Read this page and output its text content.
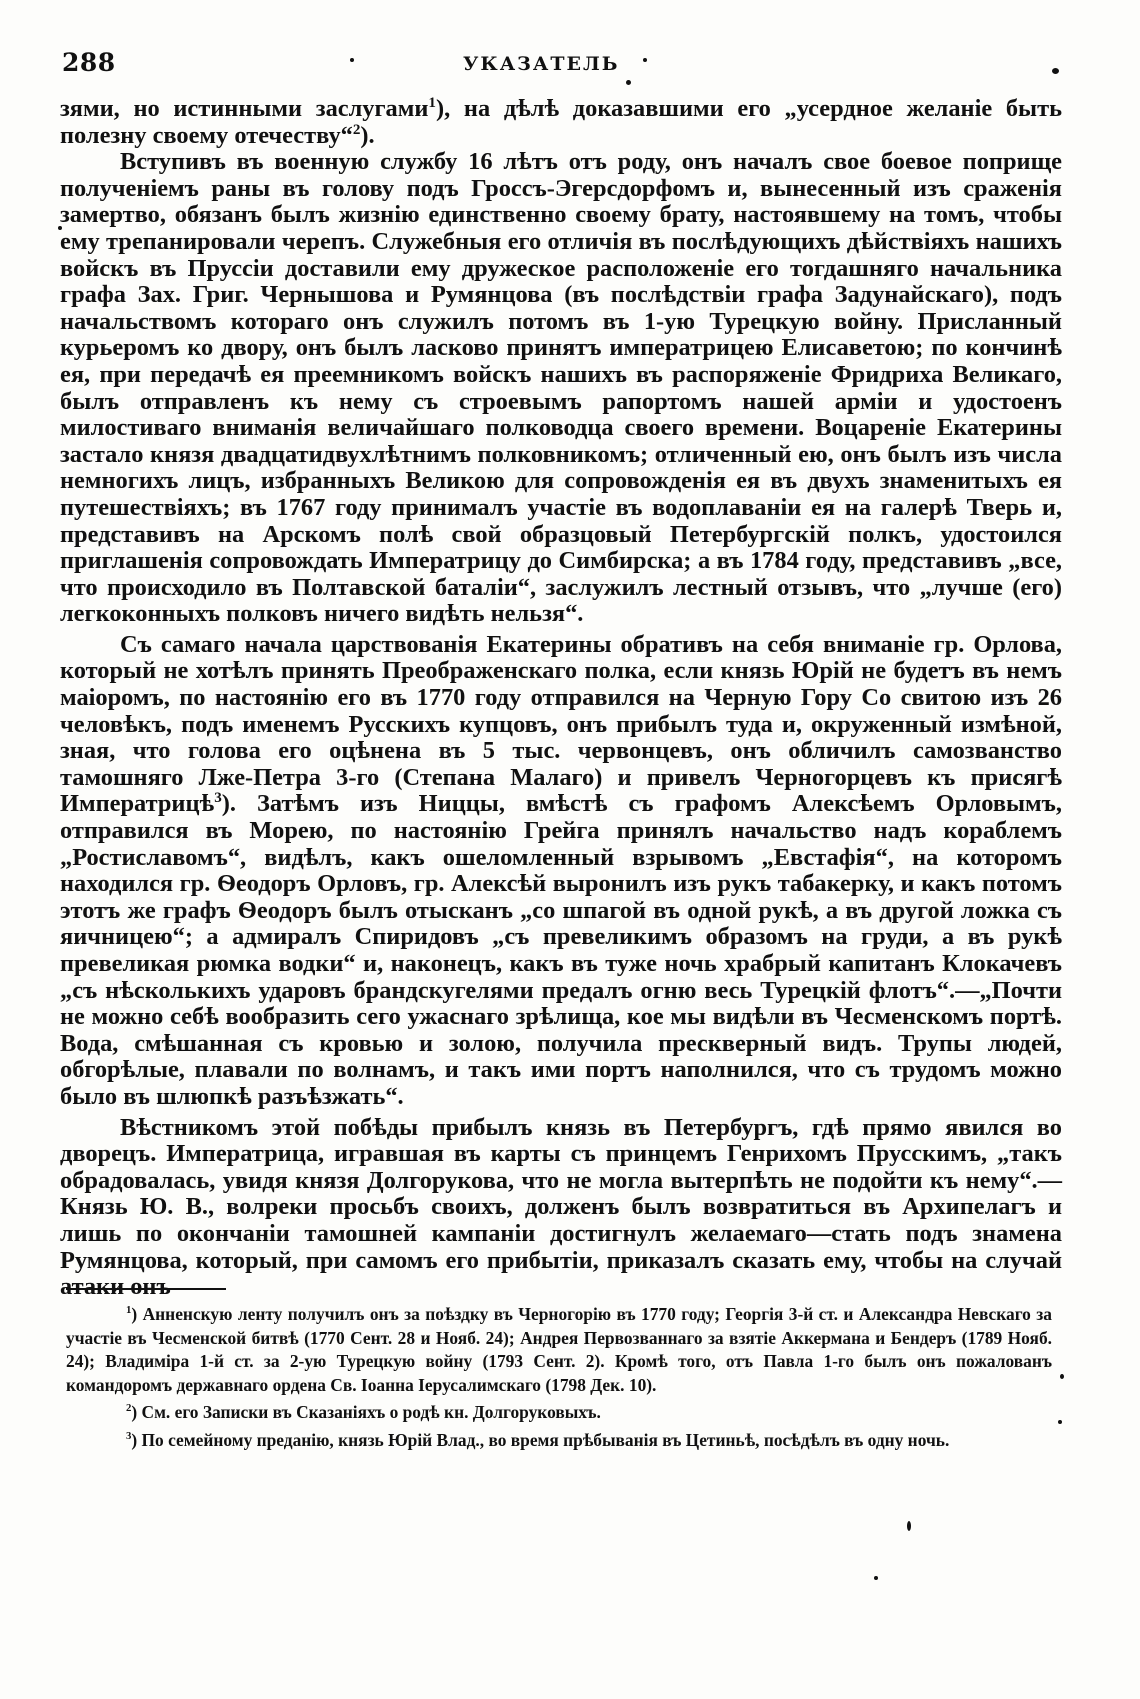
288	УКАЗАТЕЛЬ

зями, но истинными заслугами$^1$), на дѣлѣ доказавшими его „усердное желаніе быть полезну своему отечеству“$^2$).

Вступивъ въ военную службу 16 лѣтъ отъ роду, онъ началъ свое боевое поприще полученіемъ раны въ голову подъ Гроссъ-Эгерсдорфомъ и, вынесенный изъ сраженія замертво, обязанъ былъ жизнію единственно своему брату, настоявшему на томъ, чтобы ему трепанировали черепъ. Служебныя его отличія въ послѣдующихъ дѣйствіяхъ нашихъ войскъ въ Пруссіи доставили ему дружеское расположеніе его тогдашняго начальника графа Зах. Григ. Чернышова и Румянцова (въ послѣдствіи графа Задунайскаго), подъ начальствомъ котораго онъ служилъ потомъ въ 1-ую Турецкую войну. Присланный курьеромъ ко двору, онъ былъ ласково принятъ императрицею Елисаветою; по кончинѣ ея, при передачѣ ея преемникомъ войскъ нашихъ въ распоряженіе Фридриха Великаго, былъ отправленъ къ нему съ строевымъ рапортомъ нашей арміи и удостоенъ милостиваго вниманія величайшаго полководца своего времени. Воцареніе Екатерины застало князя двадцатидвухлѣтнимъ полковникомъ; отличенный ею, онъ былъ изъ числа немногихъ лицъ, избранныхъ Великою для сопровожденія ея въ двухъ знаменитыхъ ея путешествіяхъ; въ 1767 году принималъ участіе въ водоплаваніи ея на галерѣ Тверь и, представивъ на Арскомъ полѣ свой образцовый Петербургскій полкъ, удостоился приглашенія сопровождать Императрицу до Симбирска; а въ 1784 году, представивъ „все, что происходило въ Полтавской баталіи“, заслужилъ лестный отзывъ, что „лучше (его) легкоконныхъ полковъ ничего видѣть нельзя“.

Съ самаго начала царствованія Екатерины обративъ на себя вниманіе гр. Орлова, который не хотѣлъ принять Преображенскаго полка, если князь Юрій не будетъ въ немъ маіоромъ, по настоянію его въ 1770 году отправился на Черную Гору Со свитою изъ 26 человѣкъ, подъ именемъ Русскихъ купцовъ, онъ прибылъ туда и, окруженный измѣной, зная, что голова его оцѣнена въ 5 тыс. червонцевъ, онъ обличилъ самозванство тамошняго Лже-Петра 3-го (Степана Малаго) и привелъ Черногорцевъ къ присягѣ Императрицѣ$^3$). Затѣмъ изъ Ниццы, вмѣстѣ съ графомъ Алексѣемъ Орловымъ, отправился въ Морею, по настоянію Грейга принялъ начальство надъ кораблемъ „Ростиславомъ“, видѣлъ, какъ ошеломленный взрывомъ „Евстафія“, на которомъ находился гр. Ѳеодоръ Орловъ, гр. Алексѣй выронилъ изъ рукъ табакерку, и какъ потомъ этотъ же графъ Ѳеодоръ былъ отысканъ „со шпагой въ одной рукѣ, а въ другой ложка съ яичницею“; а адмиралъ Спиридовъ „съ превеликимъ образомъ на груди, а въ рукѣ превеликая рюмка водки“ и, наконецъ, какъ въ туже ночь храбрый капитанъ Клокачевъ „съ нѣсколькихъ ударовъ брандскугелями предалъ огню весь Турецкій флотъ“.—„Почти не можно себѣ вообразить сего ужаснаго зрѣлища, кое мы видѣли въ Чесменскомъ портѣ. Вода, смѣшанная съ кровью и золою, получила прескверный видъ. Трупы людей, обгорѣлые, плавали по волнамъ, и такъ ими портъ наполнился, что съ трудомъ можно было въ шлюпкѣ разъѣзжать“.

Вѣстникомъ этой побѣды прибылъ князь въ Петербургъ, гдѣ прямо явился во дворецъ. Императрица, игравшая въ карты съ принцемъ Генрихомъ Прусскимъ, „такъ обрадовалась, увидя князя Долгорукова, что не могла вытерпѣть не подойти къ нему“.—Князь Ю. В., волреки просьбъ своихъ, долженъ былъ возвратиться въ Архипелагъ и лишь по окончаніи тамошней кампаніи достигнулъ желаемаго—стать подъ знамена Румянцова, который, при самомъ его прибытіи, приказалъ сказать ему, чтобы на случай атаки онъ

$^1$) Анненскую ленту получилъ онъ за поѣздку въ Черногорію въ 1770 году; Георгія 3-й ст. и Александра Невскаго за участіе въ Чесменской битвѣ (1770 Сент. 28 и Нояб. 24); Андрея Первозваннаго за взятіе Аккермана и Бендеръ (1789 Нояб. 24); Владиміра 1-й ст. за 2-ую Турецкую войну (1793 Сент. 2). Кромѣ того, отъ Павла 1-го былъ онъ пожалованъ командоромъ державнаго ордена Св. Іоанна Іерусалимскаго (1798 Дек. 10).

$^2$) См. его Записки въ Сказаніяхъ о родѣ кн. Долгоруковыхъ.

$^3$) По семейному преданію, князь Юрій Влад., во время прѣбыванія въ Цетиньѣ, посѣдѣлъ въ одну ночь.
